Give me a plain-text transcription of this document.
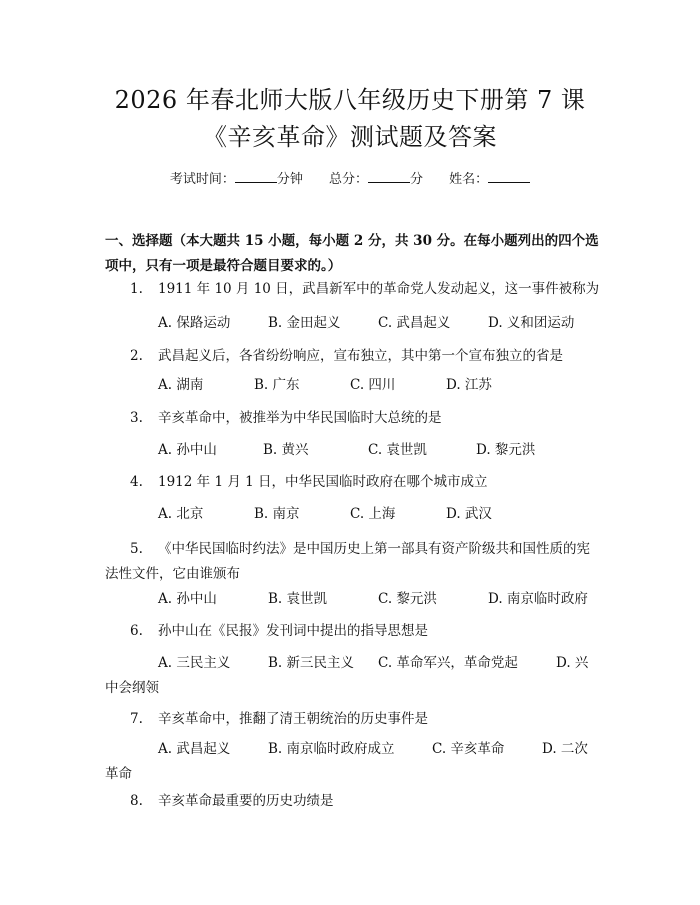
2026 年春北师大版八年级历史下册第 7 课
《辛亥革命》测试题及答案
考试时间：	分钟 总分：	分 姓名：
一、选择题（本大题共 15 小题，每小题 2 分，共 30 分。在每小题列出的四个选
项中，只有一项是最符合题目要求的。）
1. 1911 年 10 月 10 日，武昌新军中的革命党人发动起义，这一事件被称为
A. 保路运动	B. 金田起义	C. 武昌起义	D. 义和团运动
2. 武昌起义后，各省纷纷响应，宣布独立，其中第一个宣布独立的省是
A. 湖南	B. 广东	C. 四川	D. 江苏
3. 辛亥革命中，被推举为中华民国临时大总统的是
A. 孙中山	B. 黄兴	C. 袁世凯	D. 黎元洪
4. 1912 年 1 月 1 日，中华民国临时政府在哪个城市成立
A. 北京	B. 南京	C. 上海	D. 武汉
5. 《中华民国临时约法》是中国历史上第一部具有资产阶级共和国性质的宪
法性文件，它由谁颁布
A. 孙中山	B. 袁世凯	C. 黎元洪	D. 南京临时政府
6. 孙中山在《民报》发刊词中提出的指导思想是
A. 三民主义	B. 新三民主义 C. 革命军兴，革命党起	D. 兴
中会纲领
7. 辛亥革命中，推翻了清王朝统治的历史事件是
A. 武昌起义	B. 南京临时政府成立	C. 辛亥革命	D. 二次
革命
8. 辛亥革命最重要的历史功绩是
